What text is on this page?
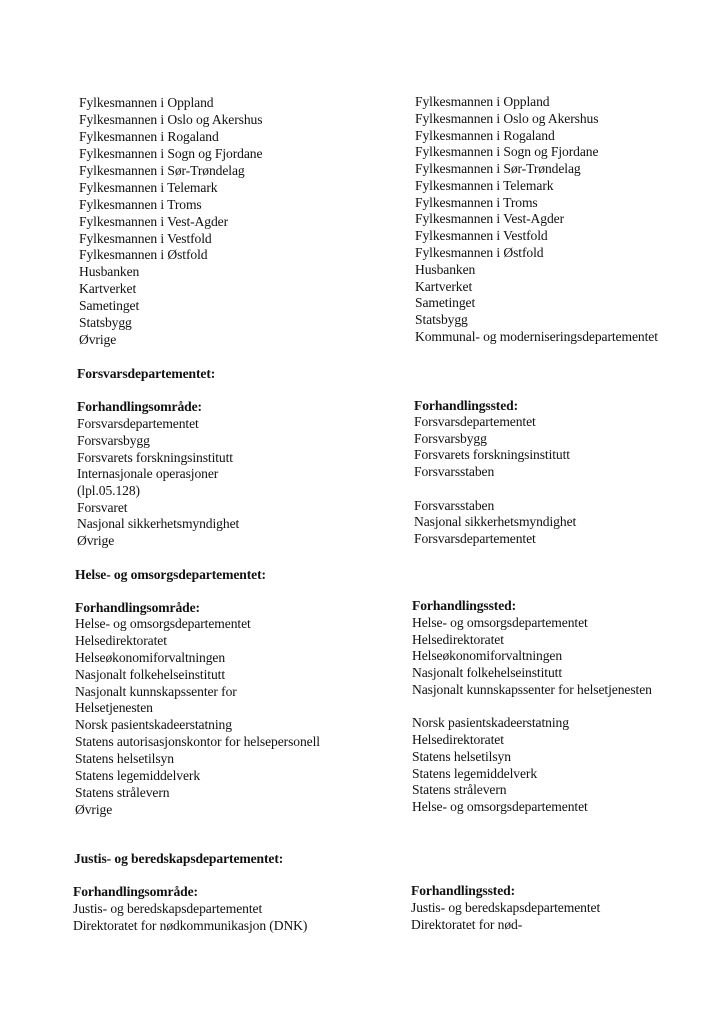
Fylkesmannen i Oppland
Fylkesmannen i Oslo og Akershus
Fylkesmannen i Rogaland
Fylkesmannen i Sogn og Fjordane
Fylkesmannen i Sør-Trøndelag
Fylkesmannen i Telemark
Fylkesmannen i Troms
Fylkesmannen i Vest-Agder
Fylkesmannen i Vestfold
Fylkesmannen i Østfold
Husbanken
Kartverket
Sametinget
Statsbygg
Øvrige
Fylkesmannen i Oppland
Fylkesmannen i Oslo og Akershus
Fylkesmannen i Rogaland
Fylkesmannen i Sogn og Fjordane
Fylkesmannen i Sør-Trøndelag
Fylkesmannen i Telemark
Fylkesmannen i Troms
Fylkesmannen i Vest-Agder
Fylkesmannen i Vestfold
Fylkesmannen i Østfold
Husbanken
Kartverket
Sametinget
Statsbygg
Kommunal- og moderniseringsdepartementet
Forsvarsdepartementet:
Forhandlingsområde:
Forsvarsdepartementet
Forsvarsbygg
Forsvarets forskningsinstitutt
Internasjonale operasjoner
(lpl.05.128)
Forsvaret
Nasjonal sikkerhetsmyndighet
Øvrige
Forhandlingssted:
Forsvarsdepartementet
Forsvarsbygg
Forsvarets forskningsinstitutt
Forsvarsstaben
Forsvarsstaben
Nasjonal sikkerhetsmyndighet
Forsvarsdepartementet
Helse- og omsorgsdepartementet:
Forhandlingsområde:
Helse- og omsorgsdepartementet
Helsedirektoratet
Helseøkonomiforvaltningen
Nasjonalt folkehelseinstitutt
Nasjonalt kunnskapssenter for
Helsetjenesten
Norsk pasientskadeerstatning
Statens autorisasjonskontor for helsepersonell
Statens helsetilsyn
Statens legemiddelverk
Statens strålevern
Øvrige
Forhandlingssted:
Helse- og omsorgsdepartementet
Helsedirektoratet
Helseøkonomiforvaltningen
Nasjonalt folkehelseinstitutt
Nasjonalt kunnskapssenter for helsetjenesten
Norsk pasientskadeerstatning
Helsedirektoratet
Statens helsetilsyn
Statens legemiddelverk
Statens strålevern
Helse- og omsorgsdepartementet
Justis- og beredskapsdepartementet:
Forhandlingsområde:
Justis- og beredskapsdepartementet
Direktoratet for nødkommunikasjon (DNK)
Forhandlingssted:
Justis- og beredskapsdepartementet
Direktoratet for nød-
